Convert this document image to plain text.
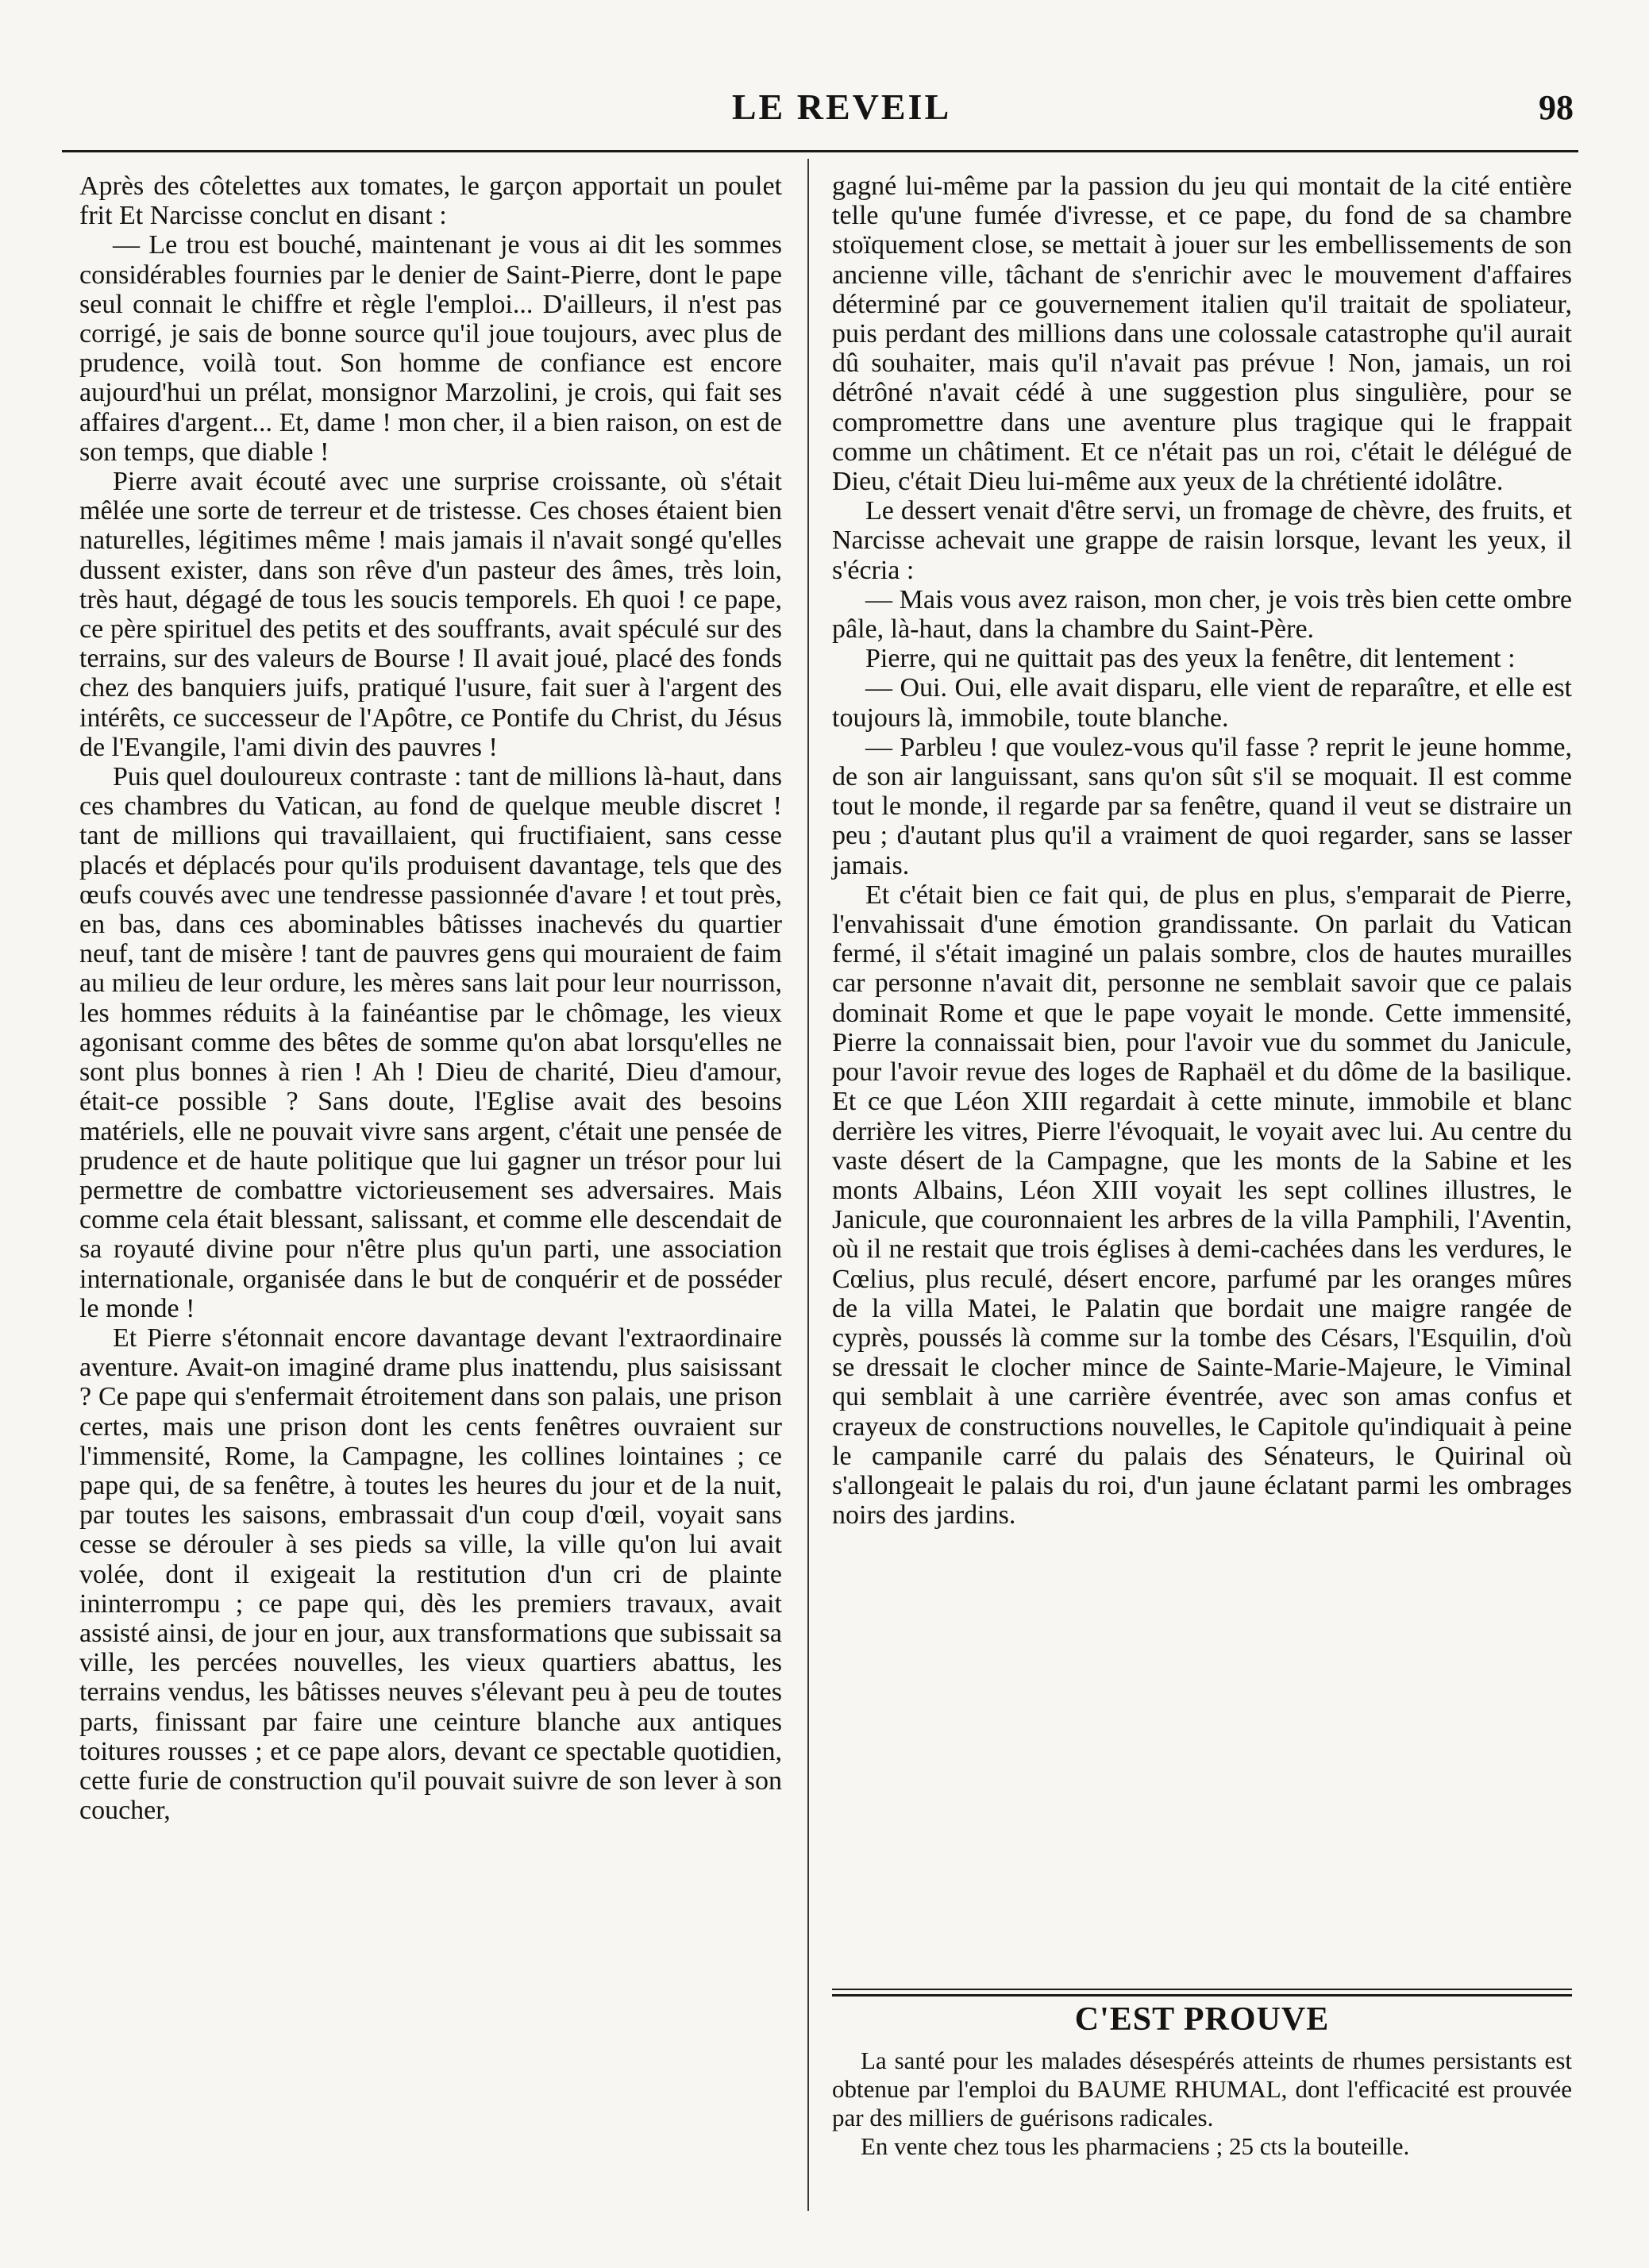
LE REVEIL	98

Après des côtelettes aux tomates, le garçon apportait un poulet frit Et Narcisse conclut en disant :

— Le trou est bouché, maintenant je vous ai dit les sommes considérables fournies par le denier de Saint-Pierre, dont le pape seul connait le chiffre et règle l'emploi... D'ailleurs, il n'est pas corrigé, je sais de bonne source qu'il joue toujours, avec plus de prudence, voilà tout. Son homme de confiance est encore aujourd'hui un prélat, monsignor Marzolini, je crois, qui fait ses affaires d'argent... Et, dame ! mon cher, il a bien raison, on est de son temps, que diable !

Pierre avait écouté avec une surprise croissante, où s'était mêlée une sorte de terreur et de tristesse. Ces choses étaient bien naturelles, légitimes même ! mais jamais il n'avait songé qu'elles dussent exister, dans son rêve d'un pasteur des âmes, très loin, très haut, dégagé de tous les soucis temporels. Eh quoi ! ce pape, ce père spirituel des petits et des souffrants, avait spéculé sur des terrains, sur des valeurs de Bourse ! Il avait joué, placé des fonds chez des banquiers juifs, pratiqué l'usure, fait suer à l'argent des intérêts, ce successeur de l'Apôtre, ce Pontife du Christ, du Jésus de l'Evangile, l'ami divin des pauvres !

Puis quel douloureux contraste : tant de millions là-haut, dans ces chambres du Vatican, au fond de quelque meuble discret ! tant de millions qui travaillaient, qui fructifiaient, sans cesse placés et déplacés pour qu'ils produisent davantage, tels que des œufs couvés avec une tendresse passionnée d'avare ! et tout près, en bas, dans ces abominables bâtisses inachevés du quartier neuf, tant de misère ! tant de pauvres gens qui mouraient de faim au milieu de leur ordure, les mères sans lait pour leur nourrisson, les hommes réduits à la fainéantise par le chômage, les vieux agonisant comme des bêtes de somme qu'on abat lorsqu'elles ne sont plus bonnes à rien ! Ah ! Dieu de charité, Dieu d'amour, était-ce possible ? Sans doute, l'Eglise avait des besoins matériels, elle ne pouvait vivre sans argent, c'était une pensée de prudence et de haute politique que lui gagner un trésor pour lui permettre de combattre victorieusement ses adversaires. Mais comme cela était blessant, salissant, et comme elle descendait de sa royauté divine pour n'être plus qu'un parti, une association internationale, organisée dans le but de conquérir et de posséder le monde !

Et Pierre s'étonnait encore davantage devant l'extraordinaire aventure. Avait-on imaginé drame plus inattendu, plus saisissant ? Ce pape qui s'enfermait étroitement dans son palais, une prison certes, mais une prison dont les cents fenêtres ouvraient sur l'immensité, Rome, la Campagne, les collines lointaines ; ce pape qui, de sa fenêtre, à toutes les heures du jour et de la nuit, par toutes les saisons, embrassait d'un coup d'œil, voyait sans cesse se dérouler à ses pieds sa ville, la ville qu'on lui avait volée, dont il exigeait la restitution d'un cri de plainte ininterrompu ; ce pape qui, dès les premiers travaux, avait assisté ainsi, de jour en jour, aux transformations que subissait sa ville, les percées nouvelles, les vieux quartiers abattus, les terrains vendus, les bâtisses neuves s'élevant peu à peu de toutes parts, finissant par faire une ceinture blanche aux antiques toitures rousses ; et ce pape alors, devant ce spectable quotidien, cette furie de construction qu'il pouvait suivre de son lever à son coucher,

gagné lui-même par la passion du jeu qui montait de la cité entière telle qu'une fumée d'ivresse, et ce pape, du fond de sa chambre stoïquement close, se mettait à jouer sur les embellissements de son ancienne ville, tâchant de s'enrichir avec le mouvement d'affaires déterminé par ce gouvernement italien qu'il traitait de spoliateur, puis perdant des millions dans une colossale catastrophe qu'il aurait dû souhaiter, mais qu'il n'avait pas prévue ! Non, jamais, un roi détrôné n'avait cédé à une suggestion plus singulière, pour se compromettre dans une aventure plus tragique qui le frappait comme un châtiment. Et ce n'était pas un roi, c'était le délégué de Dieu, c'était Dieu lui-même aux yeux de la chrétienté idolâtre.

Le dessert venait d'être servi, un fromage de chèvre, des fruits, et Narcisse achevait une grappe de raisin lorsque, levant les yeux, il s'écria :

— Mais vous avez raison, mon cher, je vois très bien cette ombre pâle, là-haut, dans la chambre du Saint-Père.

Pierre, qui ne quittait pas des yeux la fenêtre, dit lentement :

— Oui. Oui, elle avait disparu, elle vient de reparaître, et elle est toujours là, immobile, toute blanche.

— Parbleu ! que voulez-vous qu'il fasse ? reprit le jeune homme, de son air languissant, sans qu'on sût s'il se moquait. Il est comme tout le monde, il regarde par sa fenêtre, quand il veut se distraire un peu ; d'autant plus qu'il a vraiment de quoi regarder, sans se lasser jamais.

Et c'était bien ce fait qui, de plus en plus, s'emparait de Pierre, l'envahissait d'une émotion grandissante. On parlait du Vatican fermé, il s'était imaginé un palais sombre, clos de hautes murailles car personne n'avait dit, personne ne semblait savoir que ce palais dominait Rome et que le pape voyait le monde. Cette immensité, Pierre la connaissait bien, pour l'avoir vue du sommet du Janicule, pour l'avoir revue des loges de Raphaël et du dôme de la basilique. Et ce que Léon XIII regardait à cette minute, immobile et blanc derrière les vitres, Pierre l'évoquait, le voyait avec lui. Au centre du vaste désert de la Campagne, que les monts de la Sabine et les monts Albains, Léon XIII voyait les sept collines illustres, le Janicule, que couronnaient les arbres de la villa Pamphili, l'Aventin, où il ne restait que trois églises à demi-cachées dans les verdures, le Cœlius, plus reculé, désert encore, parfumé par les oranges mûres de la villa Matei, le Palatin que bordait une maigre rangée de cyprès, poussés là comme sur la tombe des Césars, l'Esquilin, d'où se dressait le clocher mince de Sainte-Marie-Majeure, le Viminal qui semblait à une carrière éventrée, avec son amas confus et crayeux de constructions nouvelles, le Capitole qu'indiquait à peine le campanile carré du palais des Sénateurs, le Quirinal où s'allongeait le palais du roi, d'un jaune éclatant parmi les ombrages noirs des jardins.

C'EST PROUVE

La santé pour les malades désespérés atteints de rhumes persistants est obtenue par l'emploi du BAUME RHUMAL, dont l'efficacité est prouvée par des milliers de guérisons radicales.

En vente chez tous les pharmaciens ; 25 cts la bouteille.
